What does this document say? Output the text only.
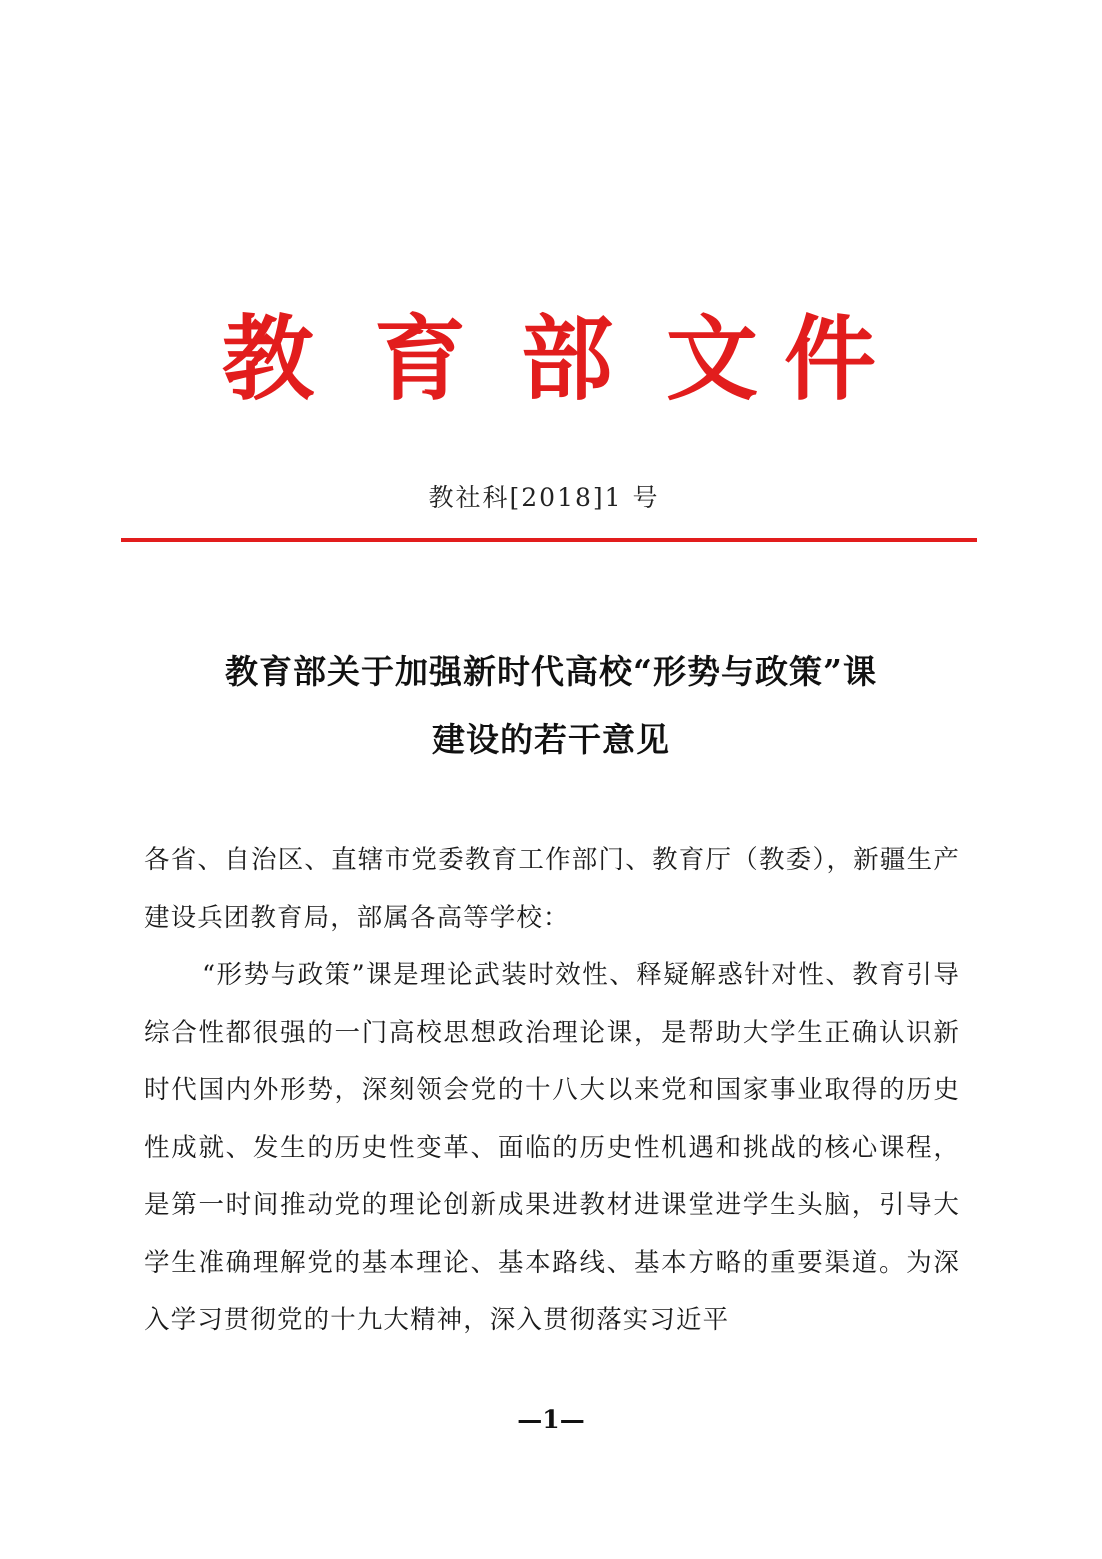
教 育 部 文 件
教社科[2018]1 号
教育部关于加强新时代高校“形势与政策”课
建设的若干意见

各省、自治区、直辖市党委教育工作部门、教育厅（教委），新疆生产建设兵团教育局，部属各高等学校：

“形势与政策”课是理论武装时效性、释疑解惑针对性、教育引导综合性都很强的一门高校思想政治理论课，是帮助大学生正确认识新时代国内外形势，深刻领会党的十八大以来党和国家事业取得的历史性成就、发生的历史性变革、面临的历史性机遇和挑战的核心课程，是第一时间推动党的理论创新成果进教材进课堂进学生头脑，引导大学生准确理解党的基本理论、基本路线、基本方略的重要渠道。为深入学习贯彻党的十九大精神，深入贯彻落实习近平

—1—
